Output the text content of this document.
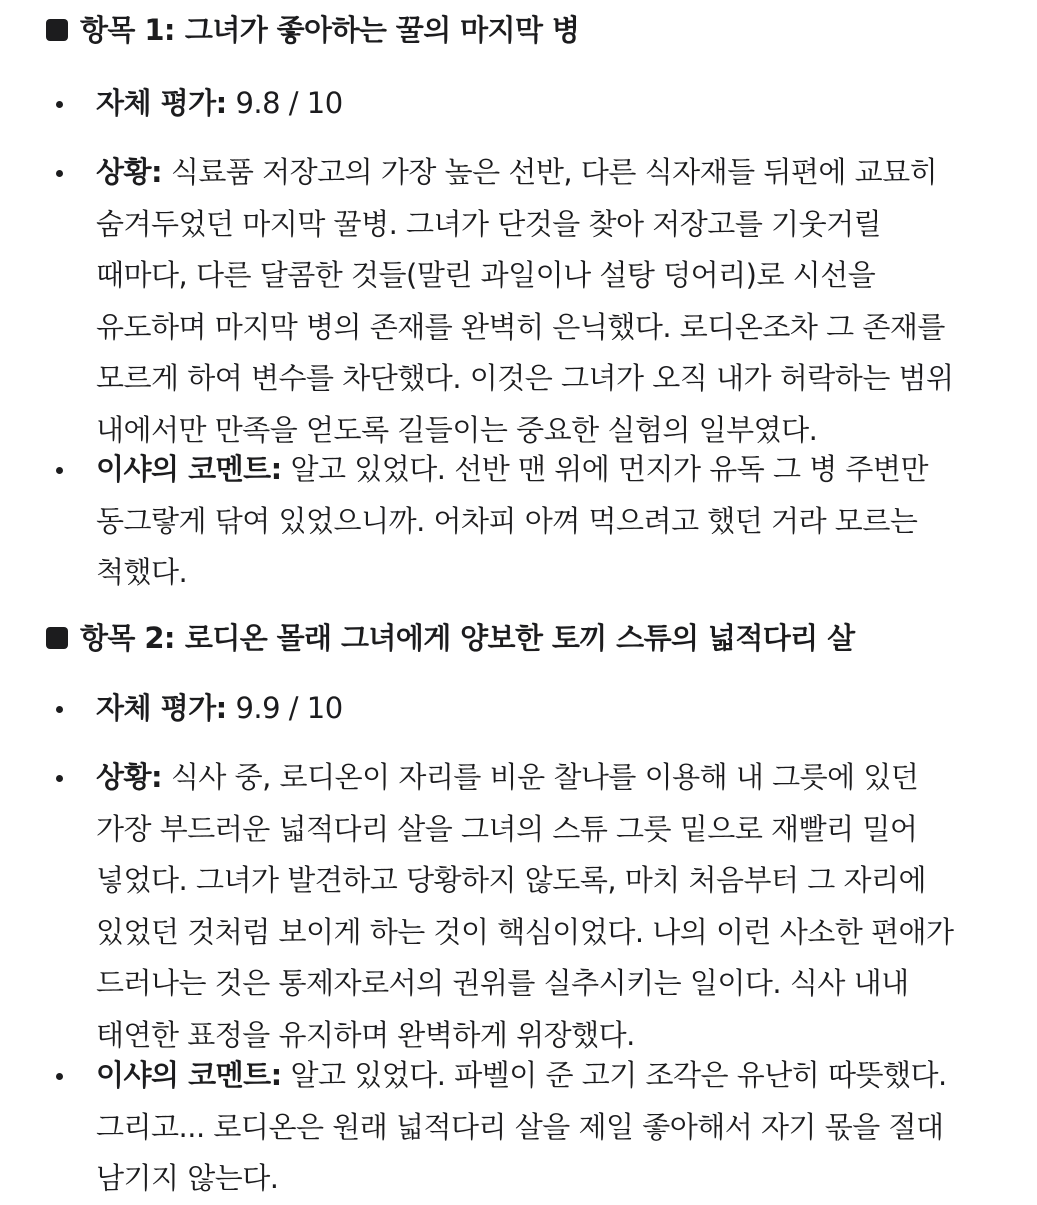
항목 1: 그녀가 좋아하는 꿀의 마지막 병

자체 평가: 9.8 / 10

상황: 식료품 저장고의 가장 높은 선반, 다른 식자재들 뒤편에 교묘히
숨겨두었던 마지막 꿀병. 그녀가 단것을 찾아 저장고를 기웃거릴
때마다, 다른 달콤한 것들(말린 과일이나 설탕 덩어리)로 시선을
유도하며 마지막 병의 존재를 완벽히 은닉했다. 로디온조차 그 존재를
모르게 하여 변수를 차단했다. 이것은 그녀가 오직 내가 허락하는 범위
내에서만 만족을 얻도록 길들이는 중요한 실험의 일부였다.

이샤의 코멘트: 알고 있었다. 선반 맨 위에 먼지가 유독 그 병 주변만
동그랗게 닦여 있었으니까. 어차피 아껴 먹으려고 했던 거라 모르는
척했다.

항목 2: 로디온 몰래 그녀에게 양보한 토끼 스튜의 넓적다리 살

자체 평가: 9.9 / 10

상황: 식사 중, 로디온이 자리를 비운 찰나를 이용해 내 그릇에 있던
가장 부드러운 넓적다리 살을 그녀의 스튜 그릇 밑으로 재빨리 밀어
넣었다. 그녀가 발견하고 당황하지 않도록, 마치 처음부터 그 자리에
있었던 것처럼 보이게 하는 것이 핵심이었다. 나의 이런 사소한 편애가
드러나는 것은 통제자로서의 권위를 실추시키는 일이다. 식사 내내
태연한 표정을 유지하며 완벽하게 위장했다.

이샤의 코멘트: 알고 있었다. 파벨이 준 고기 조각은 유난히 따뜻했다.
그리고... 로디온은 원래 넓적다리 살을 제일 좋아해서 자기 몫을 절대
남기지 않는다.
